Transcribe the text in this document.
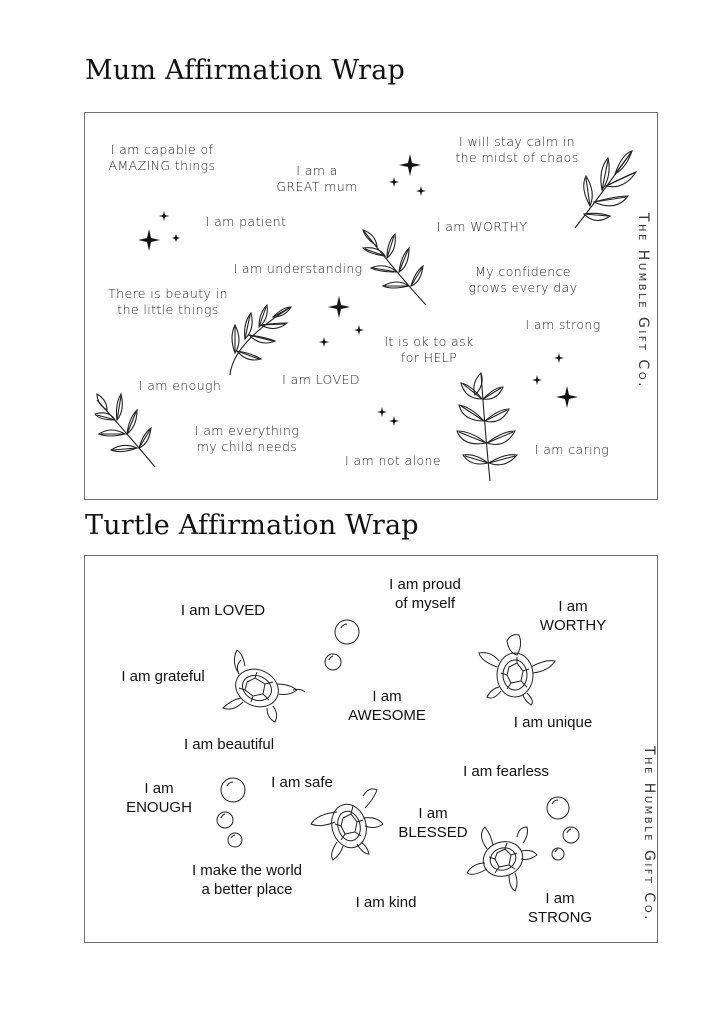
Mum Affirmation Wrap
I am capable of
AMAZING things	I am a
GREAT mum
I will stay calm in
the midst of chaos
I am patient	I am WORTHY
I am understanding	My confidence
grows every day
There is beauty in
the little things
I am strong
It is ok to ask
for HELP
I am enough	I am LOVED
I am everything
my child needs
I am not alone
I am caring
The Humble Gift Co.
Turtle Affirmation Wrap
I am proud
of myself
I am LOVED	I am
WORTHY
I am grateful
I am
AWESOME	I am unique
I am beautiful
I am fearless
I am
ENOUGH
I am safe
I am
BLESSED
I make the world
a better place
I am kind	I am
STRONG	The Humble Gift Co.
